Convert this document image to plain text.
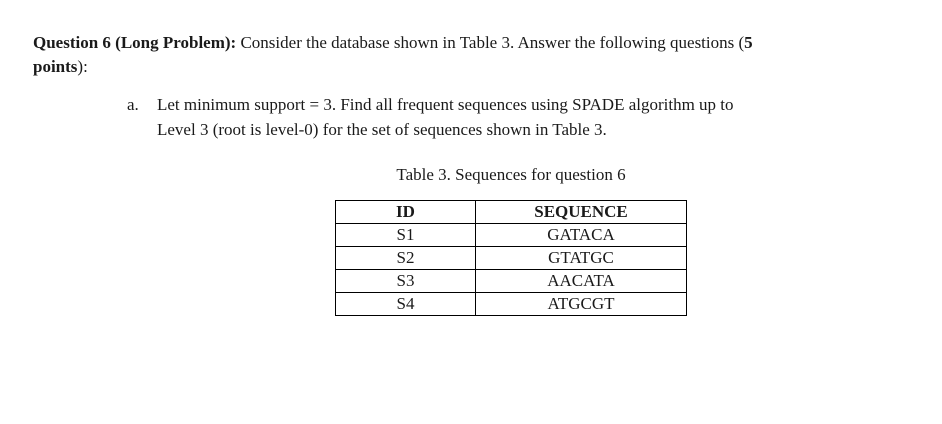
Question 6 (Long Problem): Consider the database shown in Table 3. Answer the following questions (5
points):
a. Let minimum support = 3. Find all frequent sequences using SPADE algorithm up to
Level 3 (root is level-0) for the set of sequences shown in Table 3.
Table 3. Sequences for question 6
ID	SEQUENCE
S1	GATACA
S2	GTATGC
S3	AACATA
S4	ATGCGT
